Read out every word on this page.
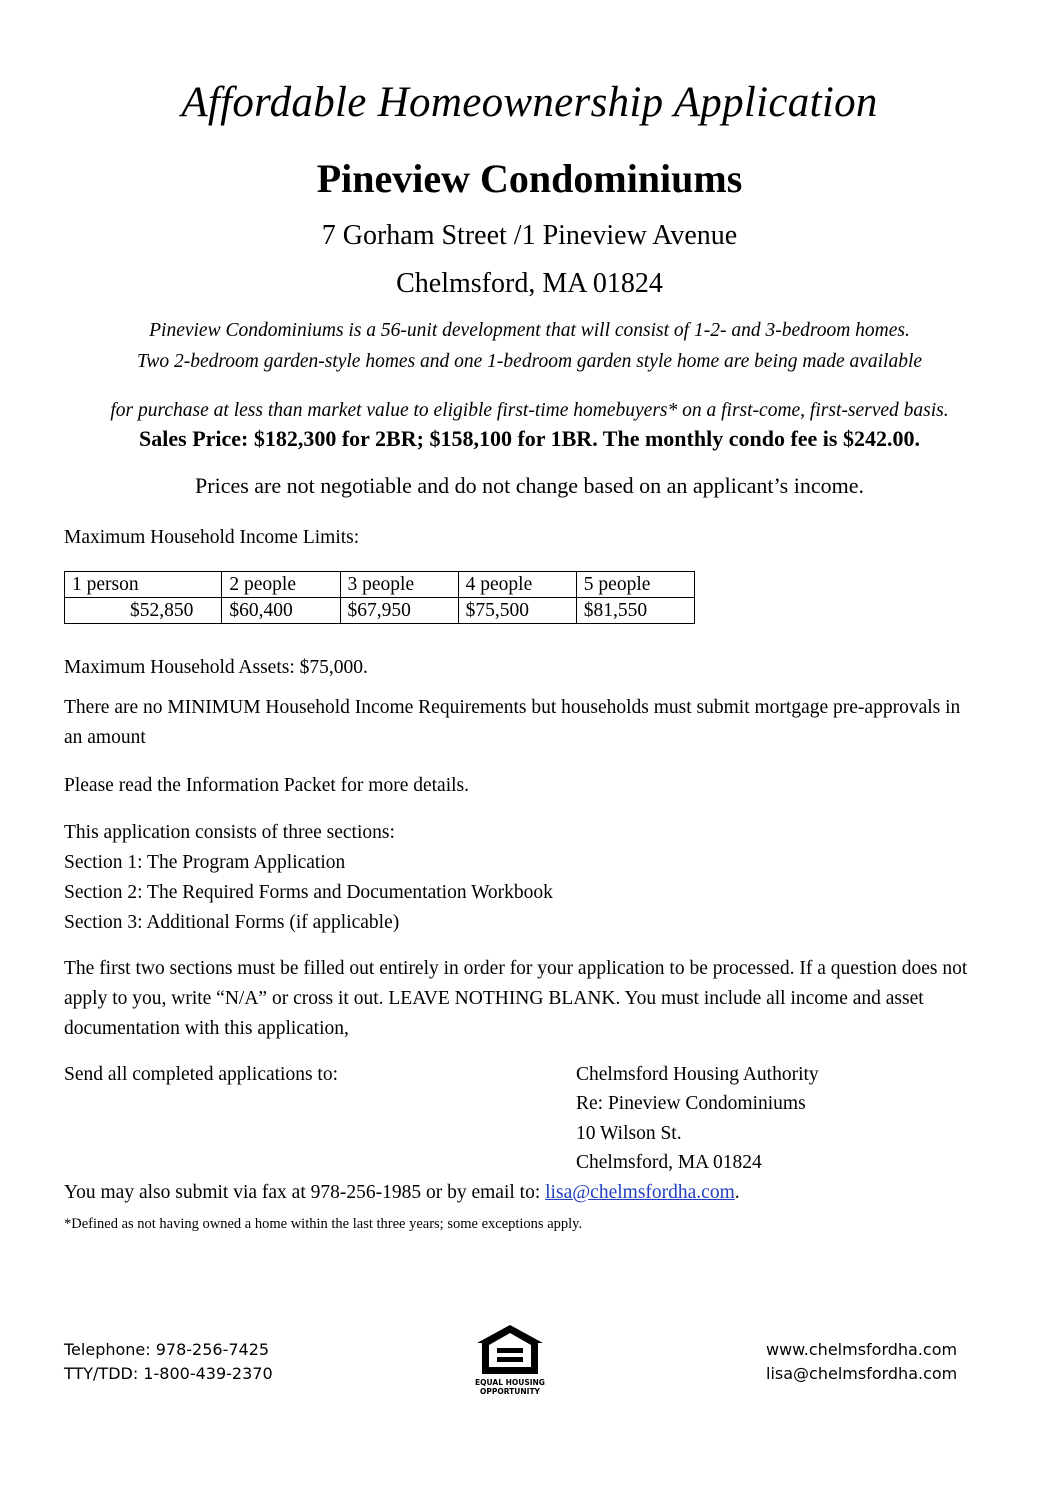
Affordable Homeownership Application
Pineview Condominiums
7 Gorham Street /1 Pineview Avenue
Chelmsford, MA 01824
Pineview Condominiums is a 56-unit development that will consist of 1-2- and 3-bedroom homes.
Two 2-bedroom garden-style homes and one 1-bedroom garden style home are being made available
for purchase at less than market value to eligible first-time homebuyers* on a first-come, first-served basis.
Sales Price: $182,300 for 2BR; $158,100 for 1BR. The monthly condo fee is $242.00.
Prices are not negotiable and do not change based on an applicant’s income.
Maximum Household Income Limits:
1 person	2 people	3 people	4 people	5 people
$52,850	$60,400	$67,950	$75,500	$81,550
Maximum Household Assets: $75,000.
There are no MINIMUM Household Income Requirements but households must submit mortgage pre-approvals in an amount
Please read the Information Packet for more details.
This application consists of three sections:
Section 1: The Program Application
Section 2: The Required Forms and Documentation Workbook
Section 3: Additional Forms (if applicable)
The first two sections must be filled out entirely in order for your application to be processed. If a question does not apply to you, write “N/A” or cross it out. LEAVE NOTHING BLANK. You must include all income and asset documentation with this application,
Send all completed applications to:	Chelmsford Housing Authority
Re: Pineview Condominiums
10 Wilson St.
Chelmsford, MA 01824
You may also submit via fax at 978-256-1985 or by email to: lisa@chelmsfordha.com.
*Defined as not having owned a home within the last three years; some exceptions apply.
Telephone: 978-256-7425
TTY/TDD: 1-800-439-2370	EQUAL HOUSING
OPPORTUNITY
www.chelmsfordha.com
lisa@chelmsfordha.com
